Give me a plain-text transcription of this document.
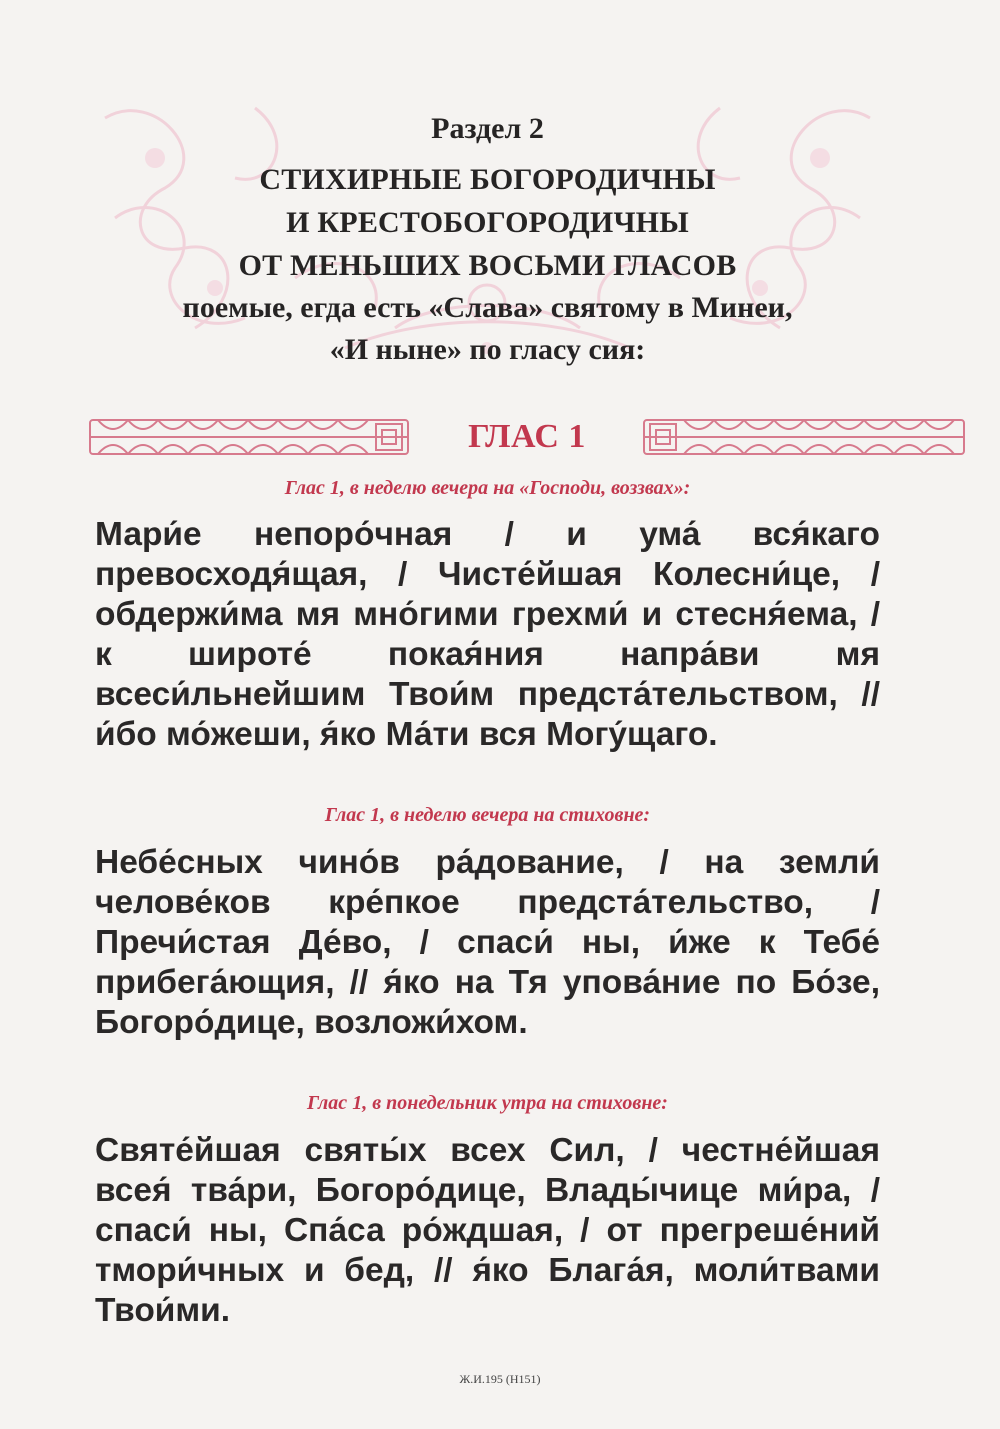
Раздел 2
СТИХИРНЫЕ БОГОРОДИЧНЫ
И КРЕСТОБОГОРОДИЧНЫ
ОТ МЕНЬШИХ ВОСЬМИ ГЛАСОВ
поемые, егда есть «Слава» святому в Минеи,
«И ныне» по гласу сия:
ГЛАС 1
Глас 1, в неделю вечера на «Господи, воззвах»:
Мари́е непоро́чная / и ума́ вся́каго превосходя́щая, / Чисте́йшая Колесни́це, / обдержи́ма мя мно́гими грехми́ и стесня́ема, / к широте́ покая́ния напра́ви мя всеси́льнейшим Твои́м предста́тельством, // и́бо мо́жеши, я́ко Ма́ти вся Могу́щаго.
Глас 1, в неделю вечера на стиховне:
Небе́сных чино́в ра́дование, / на земли́ челове́ков кре́пкое предста́тельство, / Пречи́стая Де́во, / спаси́ ны, и́же к Тебе́ прибега́ющия, // я́ко на Тя упова́ние по Бо́зе, Богоро́дице, возложи́хом.
Глас 1, в понедельник утра на стиховне:
Святе́йшая святы́х всех Сил, / честне́йшая всея́ тва́ри, Богоро́дице, Влады́чице ми́ра, / спаси́ ны, Спа́са ро́ждшая, / от прегреше́ний тмори́чных и бед, // я́ко Блага́я, моли́твами Твои́ми.
Ж.И.195 (Н151)
